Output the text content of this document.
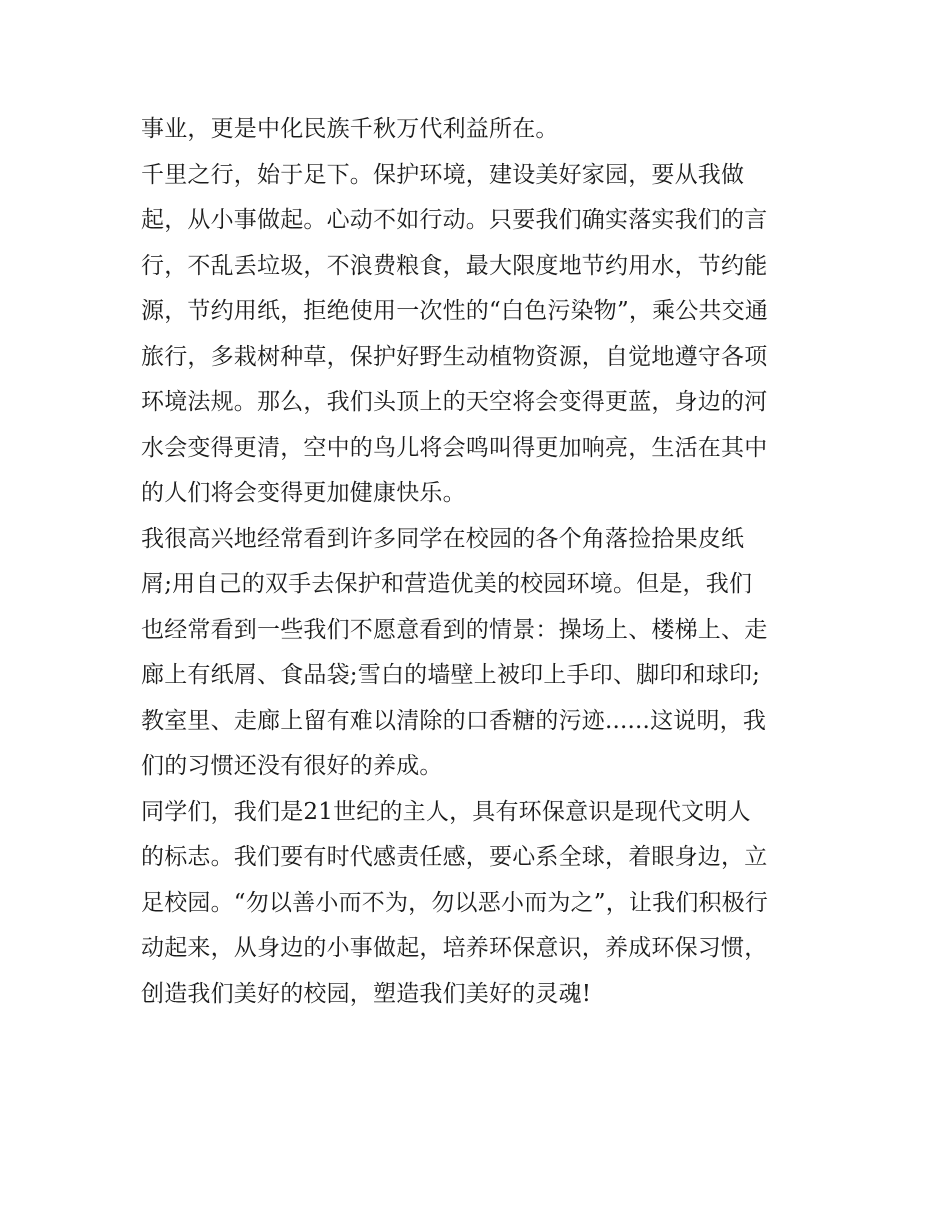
事业，更是中化民族千秋万代利益所在。

千里之行，始于足下。保护环境，建设美好家园，要从我做

起，从小事做起。心动不如行动。只要我们确实落实我们的言

行，不乱丢垃圾，不浪费粮食，最大限度地节约用水，节约能

源，节约用纸，拒绝使用一次性的“白色污染物”，乘公共交通

旅行，多栽树种草，保护好野生动植物资源，自觉地遵守各项

环境法规。那么，我们头顶上的天空将会变得更蓝，身边的河

水会变得更清，空中的鸟儿将会鸣叫得更加响亮，生活在其中

的人们将会变得更加健康快乐。

我很高兴地经常看到许多同学在校园的各个角落捡拾果皮纸

屑;用自己的双手去保护和营造优美的校园环境。但是，我们

也经常看到一些我们不愿意看到的情景：操场上、楼梯上、走

廊上有纸屑、食品袋;雪白的墙壁上被印上手印、脚印和球印;

教室里、走廊上留有难以清除的口香糖的污迹......这说明，我

们的习惯还没有很好的养成。

同学们，我们是21世纪的主人，具有环保意识是现代文明人

的标志。我们要有时代感责任感，要心系全球，着眼身边，立

足校园。“勿以善小而不为，勿以恶小而为之”，让我们积极行

动起来，从身边的小事做起，培养环保意识，养成环保习惯，

创造我们美好的校园，塑造我们美好的灵魂!
